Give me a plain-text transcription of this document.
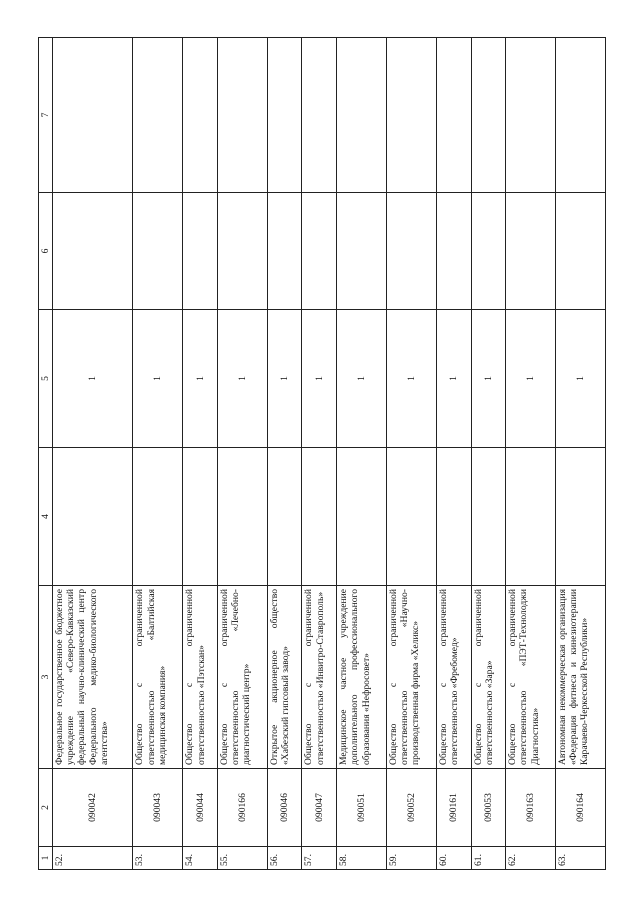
1	2	3	4	5	6	7
52.	090042	Федеральное государственное бюджетное учреждение «Северо-Кавказский федеральный научно-клинический центр Федерального медико-биологического агентства»		1		
53.	090043	Общество с ограниченной ответственностью «Балтийская медицинская компания»		1		
54.	090044	Общество с ограниченной ответственностью «Пэтскан»		1		
55.	090166	Общество с ограниченной ответственностью «Лечебно-диагностический центр»		1		
56.	090046	Открытое акционерное общество «Хабезский гипсовый завод»		1		
57.	090047	Общество с ограниченной ответственностью «Инвитро-Ставрополь»		1		
58.	090051	Медицинское частное учреждение дополнительного профессионального образования «Нефросовет»		1		
59.	090052	Общество с ограниченной ответственностью «Научно-производственная фирма «Хеликс»		1		
60.	090161	Общество с ограниченной ответственностью «Фребомед»		1		
61.	090053	Общество с ограниченной ответственностью «Зара»		1		
62.	090163	Общество с ограниченной ответственностью «ПЭТ-Технолоджи Диагностика»		1		
63.	090164	Автономная некоммерческая организация «Федерация фитнеса и кинезиотерапии Карачаево-Черкесской Республики»		1		
